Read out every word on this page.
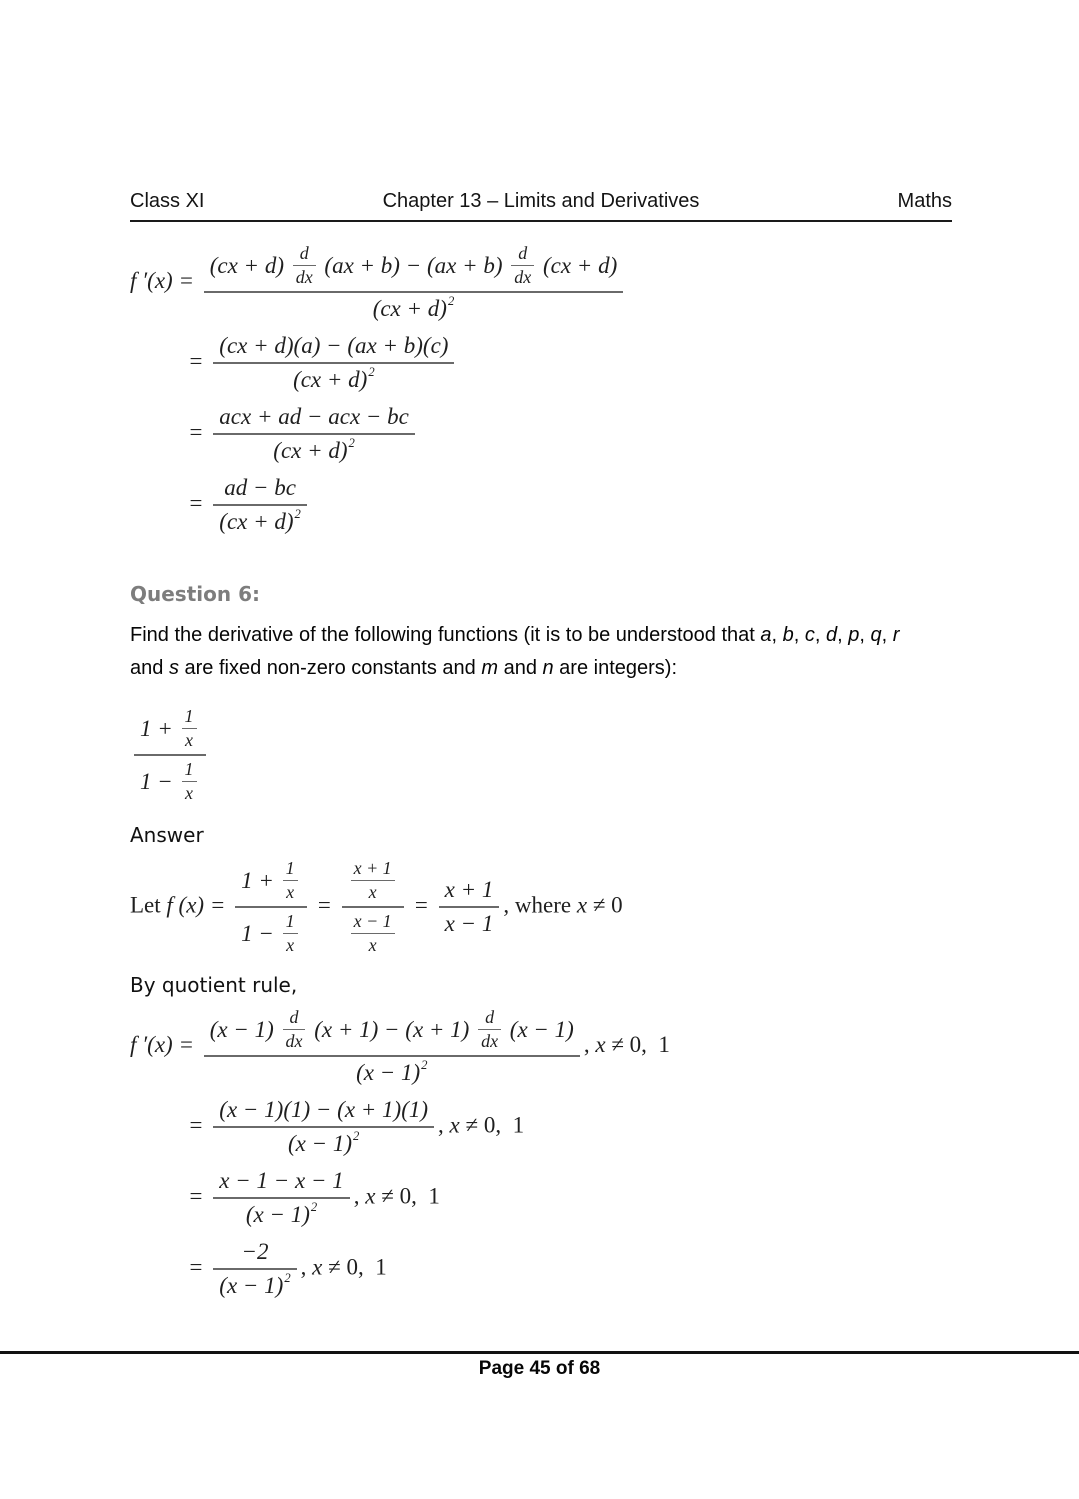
Class XI	Chapter 13 – Limits and Derivatives	Maths
f $'(x) = \frac{(cx + d) \frac{d}{dx} (ax + b) - (ax + b) \frac{d}{dx} (cx + d)}{(cx + d) 2}$
= $\frac{(cx + d)(a) - (ax + b)(c)}{(cx + d) 2}$
= $\frac{\text{acx + ad − acx − bc}}{(cx + d) 2}$
= $\frac{ad - bc}{(cx + d) 2}$
Question 6:

Find the derivative of the following functions (it is to be understood that a, b, c, d, p, q, r
and s are fixed non-zero constants and m and n are integers):

$\frac{1 + \frac{1}{x}}{1 - \frac{1}{x}}$
Answer
Let f $(x) = \frac{1 + \frac{1}{x}}{1 - \frac{1}{x}} = \frac{\frac{x + 1}{x}}{\frac{x - 1}{x}} = \frac{x + 1}{x - 1}$ , where x ≠ 0
By quotient rule,
f $'(x) = \frac{(x - 1) \frac{d}{dx} (x + 1) - (x + 1) \frac{d}{dx} (x - 1)}{(x - 1) 2}$ , x ≠ 0,  1
= $\frac{(x - 1)(1) - (x + 1)(1)}{(x - 1) 2}$ , x ≠ 0,  1
= $\frac{x - 1 - x - 1}{(x - 1) 2}$ , x ≠ 0,  1
= $\frac{-2}{(x - 1) 2}$ , x ≠ 0,  1
Page 45 of 68
